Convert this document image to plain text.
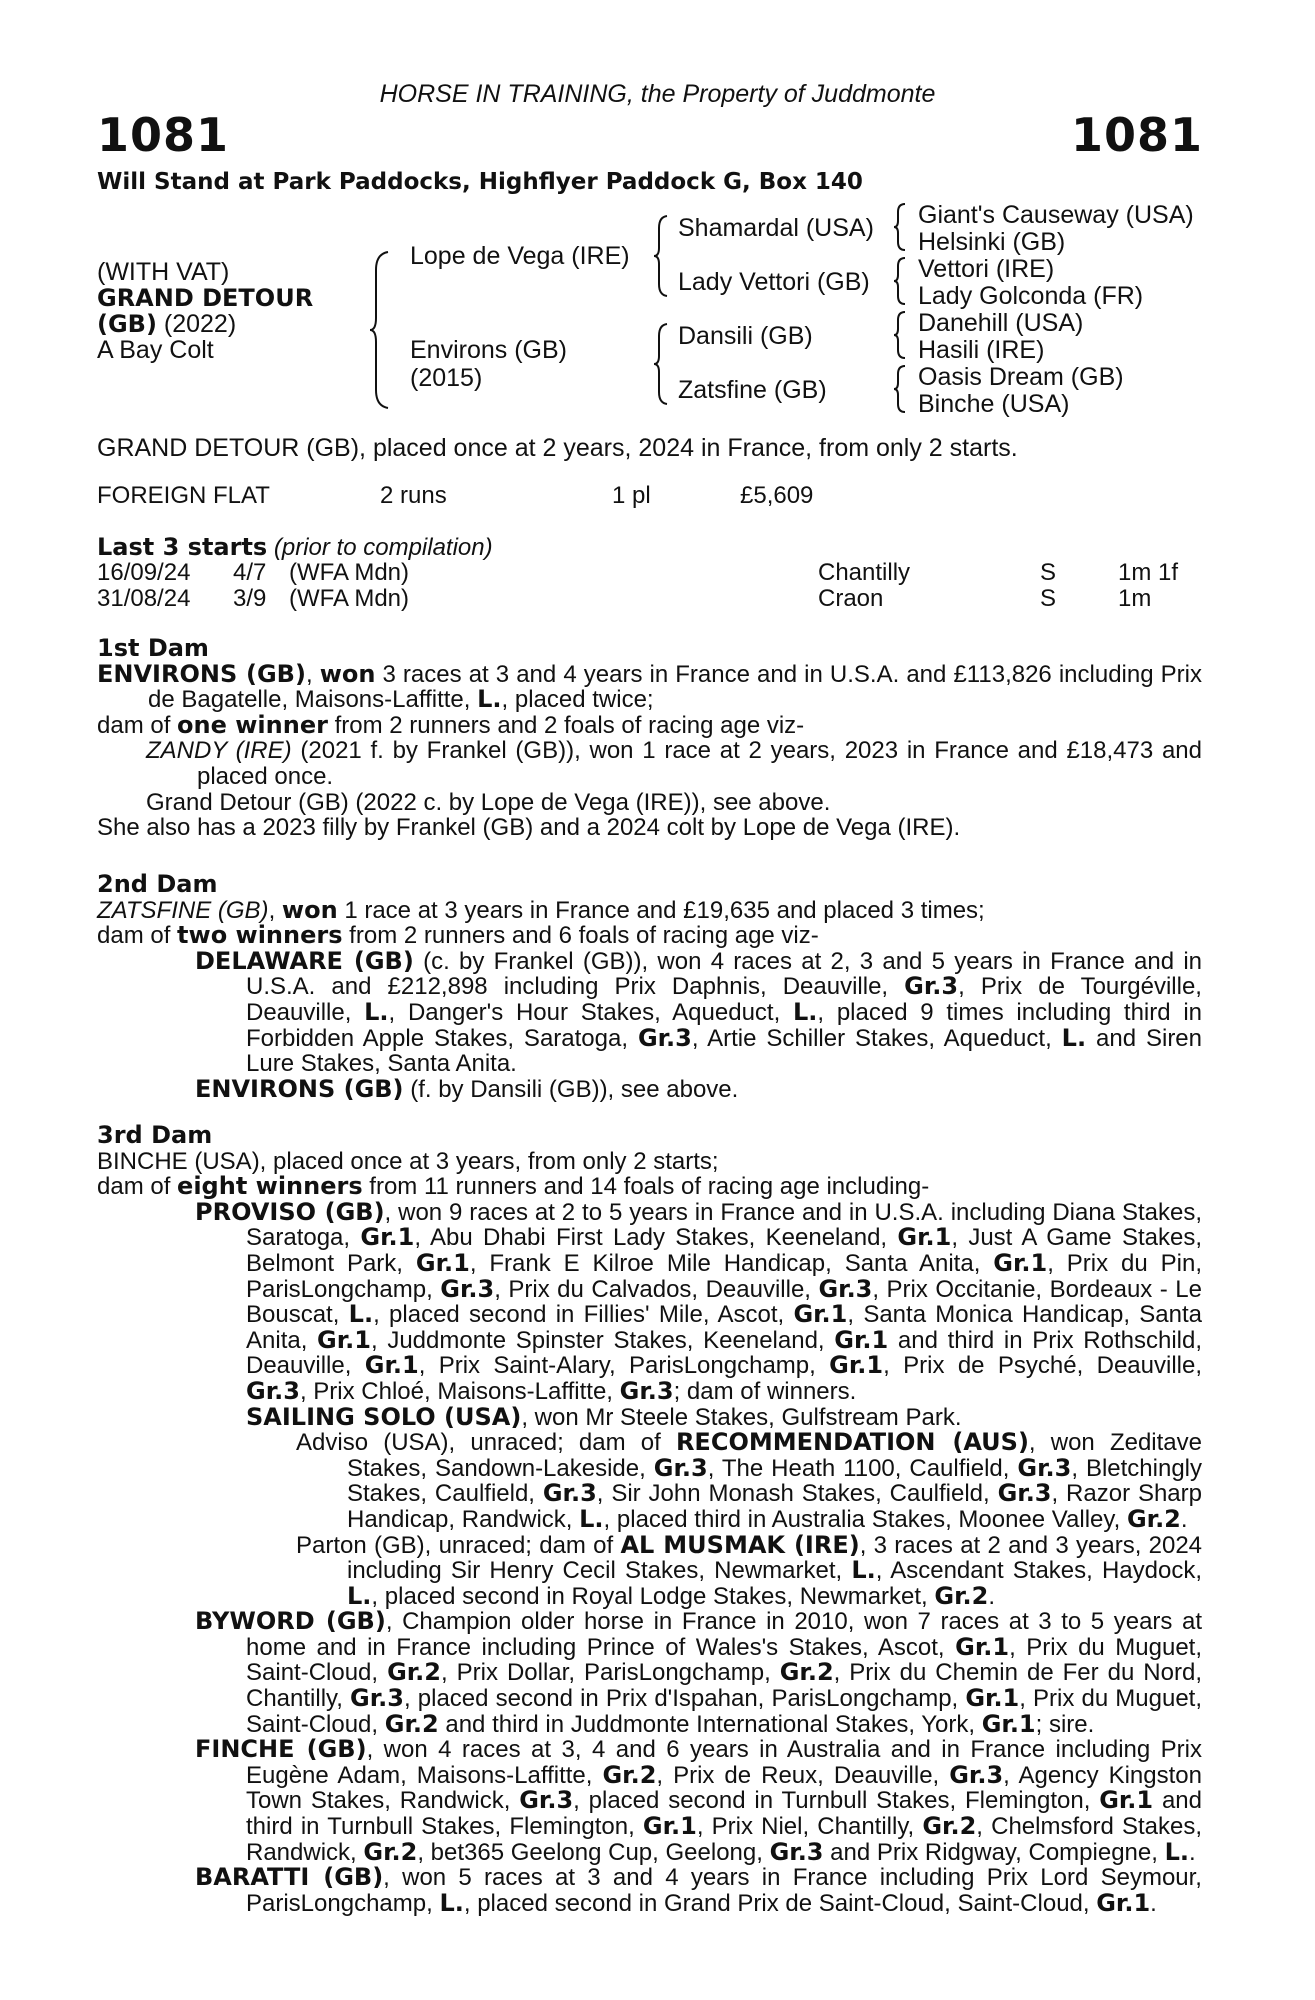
HORSE IN TRAINING, the Property of Juddmonte
1081	1081
Will Stand at Park Paddocks, Highflyer Paddock G, Box 140
(WITH VAT)
GRAND DETOUR
(GB) (2022)
A Bay Colt
Lope de Vega (IRE)
Environs (GB)
(2015)
Shamardal (USA)
Lady Vettori (GB)
Dansili (GB)
Zatsfine (GB)
Giant's Causeway (USA)
Helsinki (GB)
Vettori (IRE)
Lady Golconda (FR)
Danehill (USA)
Hasili (IRE)
Oasis Dream (GB)
Binche (USA)
GRAND DETOUR (GB), placed once at 2 years, 2024 in France, from only 2 starts.
FOREIGN FLAT	2 runs	1 pl	£5,609
Last 3 starts (prior to compilation)
16/09/24 4/7 (WFA Mdn)	Chantilly	S	1m 1f
31/08/24 3/9 (WFA Mdn)	Craon	S	1m
1st Dam
ENVIRONS (GB), won 3 races at 3 and 4 years in France and in U.S.A. and £113,826 including Prix de Bagatelle, Maisons-Laffitte, L., placed twice;
dam of one winner from 2 runners and 2 foals of racing age viz-
ZANDY (IRE) (2021 f. by Frankel (GB)), won 1 race at 2 years, 2023 in France and £18,473 and placed once.
Grand Detour (GB) (2022 c. by Lope de Vega (IRE)), see above.
She also has a 2023 filly by Frankel (GB) and a 2024 colt by Lope de Vega (IRE).
2nd Dam
ZATSFINE (GB), won 1 race at 3 years in France and £19,635 and placed 3 times;
dam of two winners from 2 runners and 6 foals of racing age viz-
DELAWARE (GB) (c. by Frankel (GB)), won 4 races at 2, 3 and 5 years in France and in U.S.A. and £212,898 including Prix Daphnis, Deauville, Gr.3, Prix de Tourgéville, Deauville, L., Danger's Hour Stakes, Aqueduct, L., placed 9 times including third in Forbidden Apple Stakes, Saratoga, Gr.3, Artie Schiller Stakes, Aqueduct, L. and Siren Lure Stakes, Santa Anita.
ENVIRONS (GB) (f. by Dansili (GB)), see above.
3rd Dam
BINCHE (USA), placed once at 3 years, from only 2 starts;
dam of eight winners from 11 runners and 14 foals of racing age including-
PROVISO (GB), won 9 races at 2 to 5 years in France and in U.S.A. including Diana Stakes, Saratoga, Gr.1, Abu Dhabi First Lady Stakes, Keeneland, Gr.1, Just A Game Stakes, Belmont Park, Gr.1, Frank E Kilroe Mile Handicap, Santa Anita, Gr.1, Prix du Pin, ParisLongchamp, Gr.3, Prix du Calvados, Deauville, Gr.3, Prix Occitanie, Bordeaux - Le Bouscat, L., placed second in Fillies' Mile, Ascot, Gr.1, Santa Monica Handicap, Santa Anita, Gr.1, Juddmonte Spinster Stakes, Keeneland, Gr.1 and third in Prix Rothschild, Deauville, Gr.1, Prix Saint-Alary, ParisLongchamp, Gr.1, Prix de Psyché, Deauville, Gr.3, Prix Chloé, Maisons-Laffitte, Gr.3; dam of winners.
SAILING SOLO (USA), won Mr Steele Stakes, Gulfstream Park.
Adviso (USA), unraced; dam of RECOMMENDATION (AUS), won Zeditave Stakes, Sandown-Lakeside, Gr.3, The Heath 1100, Caulfield, Gr.3, Bletchingly Stakes, Caulfield, Gr.3, Sir John Monash Stakes, Caulfield, Gr.3, Razor Sharp Handicap, Randwick, L., placed third in Australia Stakes, Moonee Valley, Gr.2.
Parton (GB), unraced; dam of AL MUSMAK (IRE), 3 races at 2 and 3 years, 2024 including Sir Henry Cecil Stakes, Newmarket, L., Ascendant Stakes, Haydock, L., placed second in Royal Lodge Stakes, Newmarket, Gr.2.
BYWORD (GB), Champion older horse in France in 2010, won 7 races at 3 to 5 years at home and in France including Prince of Wales's Stakes, Ascot, Gr.1, Prix du Muguet, Saint-Cloud, Gr.2, Prix Dollar, ParisLongchamp, Gr.2, Prix du Chemin de Fer du Nord, Chantilly, Gr.3, placed second in Prix d'Ispahan, ParisLongchamp, Gr.1, Prix du Muguet, Saint-Cloud, Gr.2 and third in Juddmonte International Stakes, York, Gr.1; sire.
FINCHE (GB), won 4 races at 3, 4 and 6 years in Australia and in France including Prix Eugène Adam, Maisons-Laffitte, Gr.2, Prix de Reux, Deauville, Gr.3, Agency Kingston Town Stakes, Randwick, Gr.3, placed second in Turnbull Stakes, Flemington, Gr.1 and third in Turnbull Stakes, Flemington, Gr.1, Prix Niel, Chantilly, Gr.2, Chelmsford Stakes, Randwick, Gr.2, bet365 Geelong Cup, Geelong, Gr.3 and Prix Ridgway, Compiegne, L..
BARATTI (GB), won 5 races at 3 and 4 years in France including Prix Lord Seymour, ParisLongchamp, L., placed second in Grand Prix de Saint-Cloud, Saint-Cloud, Gr.1.
